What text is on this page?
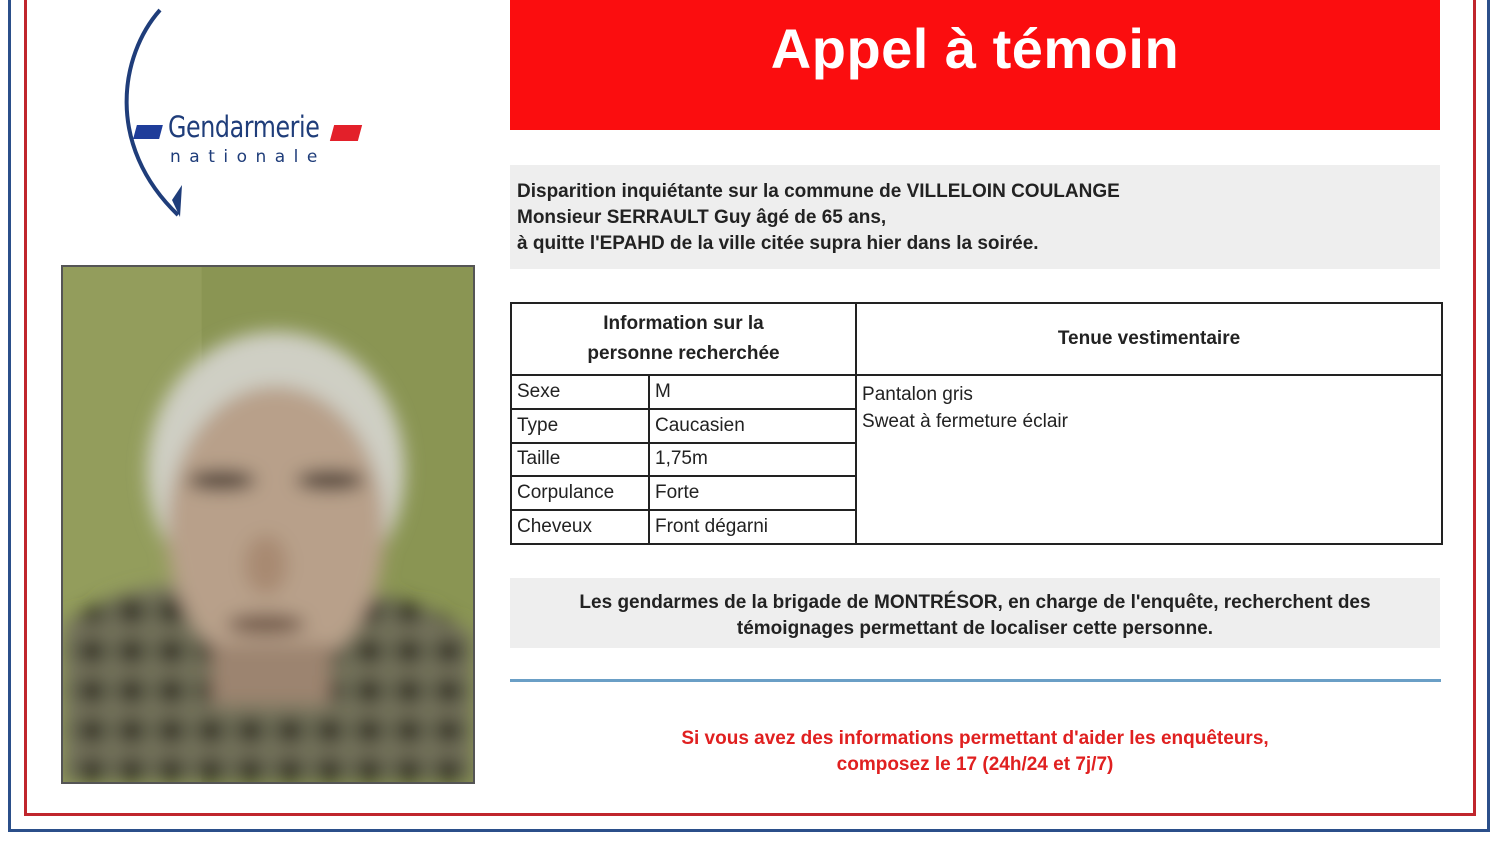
Gendarmerie
nationale
Appel à témoin
Disparition inquiétante sur la commune de VILLELOIN COULANGE
Monsieur SERRAULT Guy âgé de 65 ans,
à quitte l'EPAHD de la ville citée supra hier dans la soirée.
Information sur la
personne recherchée		Tenue vestimentaire
Sexe	M	Pantalon gris
Sweat à fermeture éclair

Type	Caucasien	
Taille	1,75m	
Corpulance	Forte	
Cheveux	Front dégarni	
Les gendarmes de la brigade de MONTRÉSOR, en charge de l'enquête, recherchent des
témoignages permettant de localiser cette personne.
Si vous avez des informations permettant d'aider les enquêteurs,
composez le 17 (24h/24 et 7j/7)
